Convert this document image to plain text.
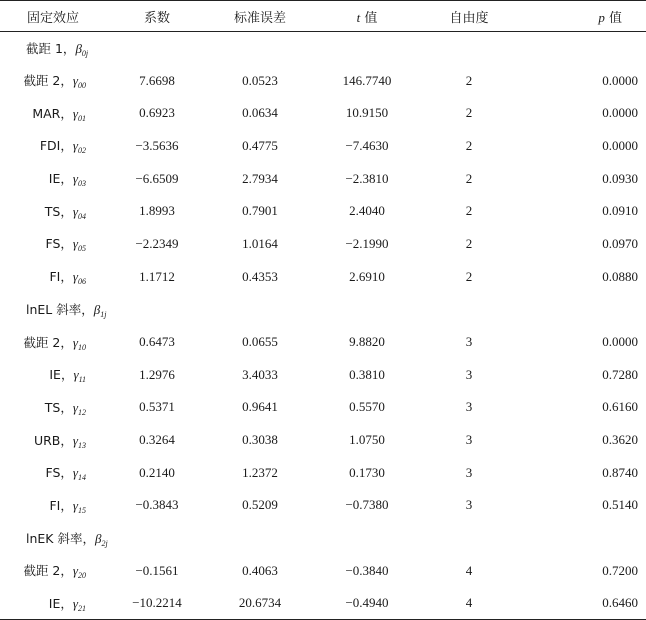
固定效应	系数	标准误差	t 值	自由度	p 值
截距 1，$\beta_{0j}$
截距 2，$\gamma_{00}$	7.6698	0.0523	146.7740	2	0.0000
MAR，$\gamma_{01}$	0.6923	0.0634	10.9150	2	0.0000
FDI，$\gamma_{02}$	−3.5636	0.4775	−7.4630	2	0.0000
IE，$\gamma_{03}$	−6.6509	2.7934	−2.3810	2	0.0930
TS，$\gamma_{04}$	1.8993	0.7901	2.4040	2	0.0910
FS，$\gamma_{05}$	−2.2349	1.0164	−2.1990	2	0.0970
FI，$\gamma_{06}$	1.1712	0.4353	2.6910	2	0.0880
lnEL 斜率，$\beta_{1j}$
截距 2，$\gamma_{10}$	0.6473	0.0655	9.8820	3	0.0000
IE，$\gamma_{11}$	1.2976	3.4033	0.3810	3	0.7280
TS，$\gamma_{12}$	0.5371	0.9641	0.5570	3	0.6160
URB，$\gamma_{13}$	0.3264	0.3038	1.0750	3	0.3620
FS，$\gamma_{14}$	0.2140	1.2372	0.1730	3	0.8740
FI，$\gamma_{15}$	−0.3843	0.5209	−0.7380	3	0.5140
lnEK 斜率，$\beta_{2j}$
截距 2，$\gamma_{20}$	−0.1561	0.4063	−0.3840	4	0.7200
IE，$\gamma_{21}$	−10.2214	20.6734	−0.4940	4	0.6460
